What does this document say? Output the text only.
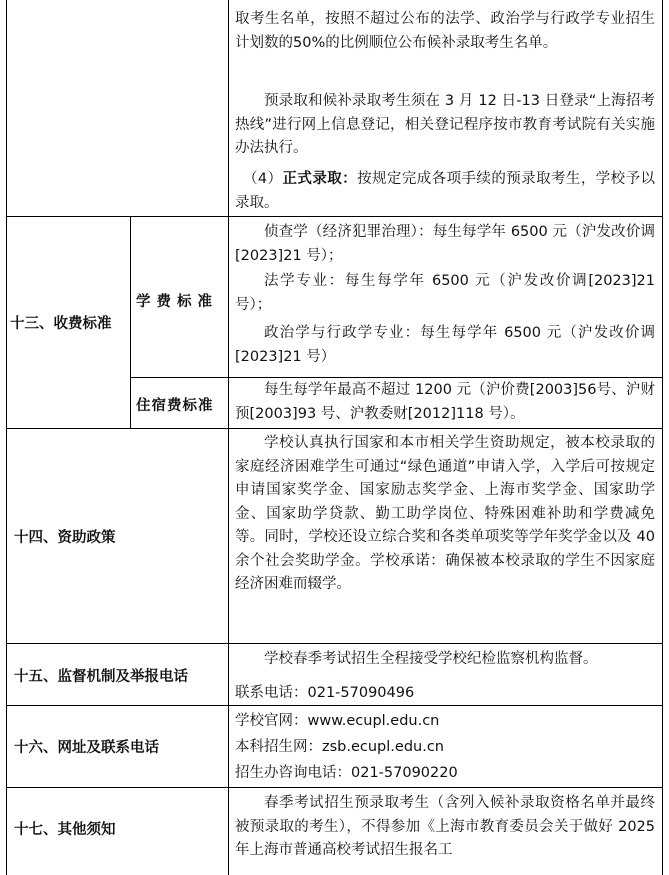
取考生名单，按照不超过公布的法学、政治学与行政学专业招生计划数的50%的比例顺位公布候补录取考生名单。
预录取和候补录取考生须在 3 月 12 日-13 日登录“上海招考热线”进行网上信息登记，相关登记程序按市教育考试院有关实施办法执行。
（4）正式录取：按规定完成各项手续的预录取考生，学校予以录取。
十三、收费标准
学费标准
侦查学（经济犯罪治理）：每生每学年 6500 元（沪发改价调[2023]21 号）；
法学专业：每生每学年 6500 元（沪发改价调[2023]21 号）；
政治学与行政学专业：每生每学年 6500 元（沪发改价调[2023]21 号）
住宿费标准
每生每学年最高不超过 1200 元（沪价费[2003]56号、沪财预[2003]93 号、沪教委财[2012]118 号）。
十四、资助政策
学校认真执行国家和本市相关学生资助规定，被本校录取的家庭经济困难学生可通过“绿色通道”申请入学，入学后可按规定申请国家奖学金、国家励志奖学金、上海市奖学金、国家助学金、国家助学贷款、勤工助学岗位、特殊困难补助和学费减免等。同时，学校还设立综合奖和各类单项奖等学年奖学金以及 40 余个社会奖助学金。学校承诺：确保被本校录取的学生不因家庭经济困难而辍学。
十五、监督机制及举报电话
学校春季考试招生全程接受学校纪检监察机构监督。
联系电话：021-57090496
十六、网址及联系电话
学校官网：www.ecupl.edu.cn
本科招生网：zsb.ecupl.edu.cn
招生办咨询电话：021-57090220
十七、其他须知
春季考试招生预录取考生（含列入候补录取资格名单并最终被预录取的考生），不得参加《上海市教育委员会关于做好 2025 年上海市普通高校考试招生报名工
